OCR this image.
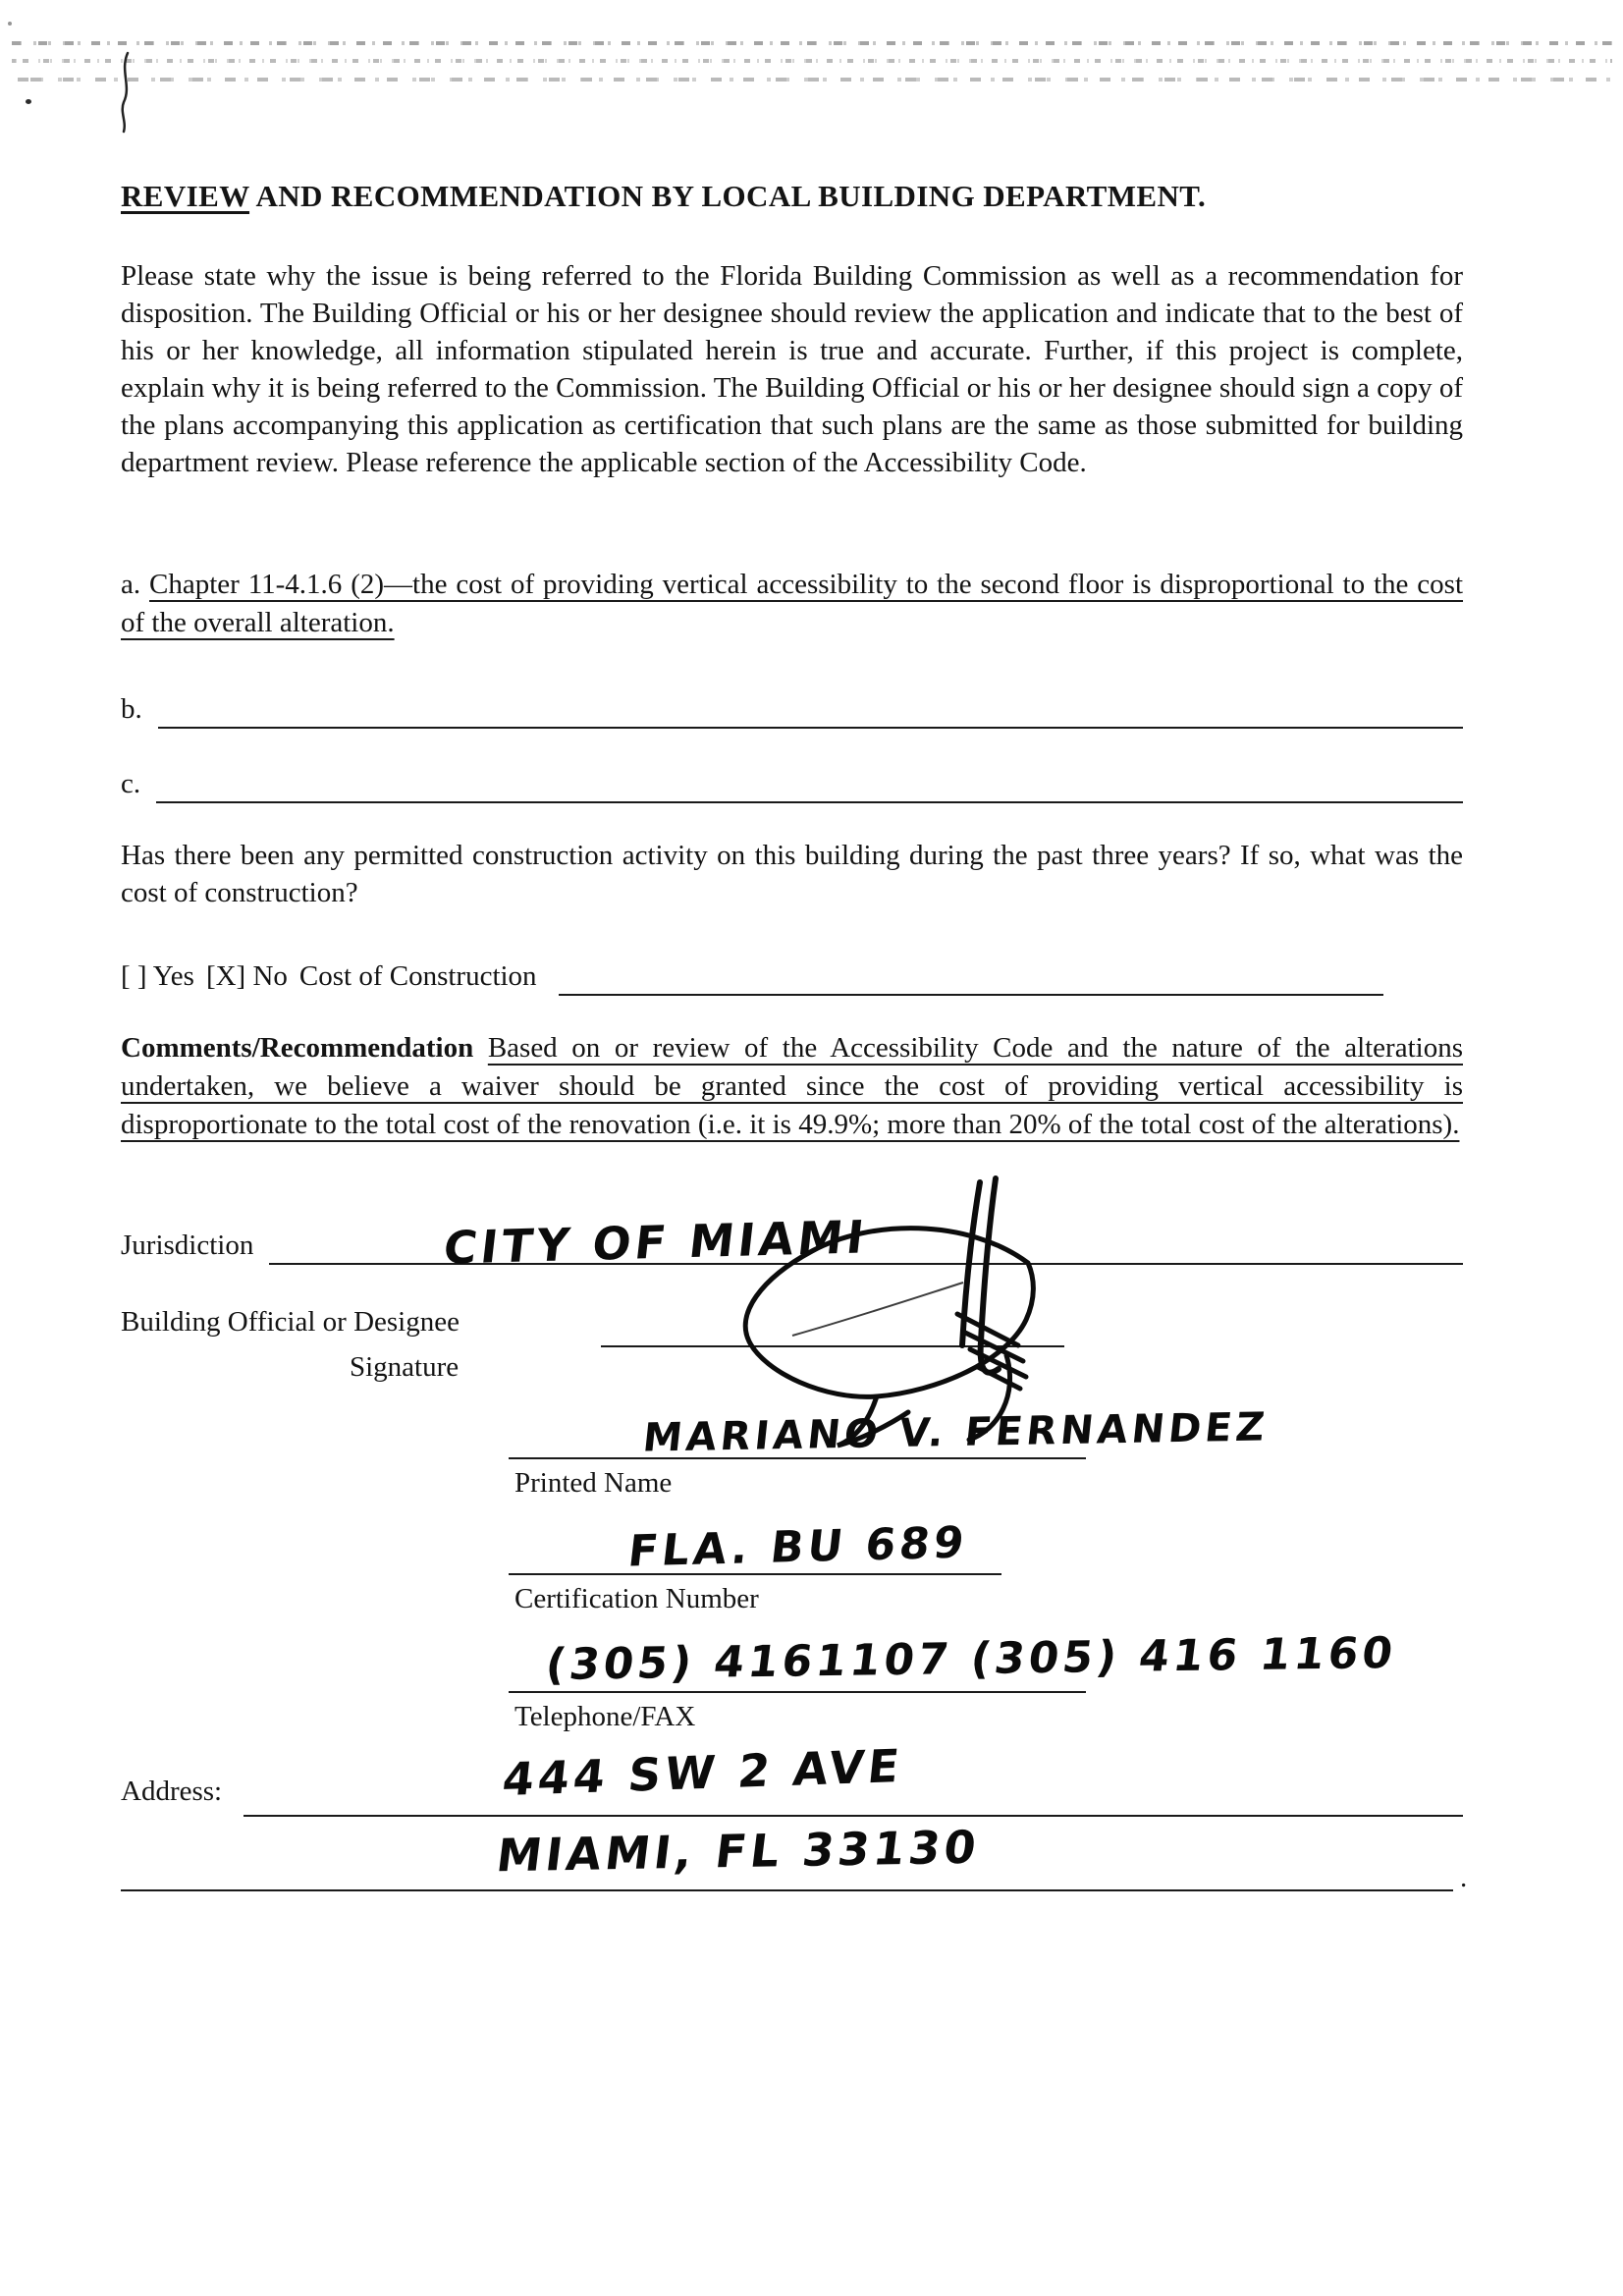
REVIEW AND RECOMMENDATION BY LOCAL BUILDING DEPARTMENT.
Please state why the issue is being referred to the Florida Building Commission as well as a recommendation for disposition. The Building Official or his or her designee should review the application and indicate that to the best of his or her knowledge, all information stipulated herein is true and accurate. Further, if this project is complete, explain why it is being referred to the Commission. The Building Official or his or her designee should sign a copy of the plans accompanying this application as certification that such plans are the same as those submitted for building department review. Please reference the applicable section of the Accessibility Code.
a. Chapter 11-4.1.6 (2)—the cost of providing vertical accessibility to the second floor is disproportional to the cost of the overall alteration.
b.
c.
Has there been any permitted construction activity on this building during the past three years? If so, what was the cost of construction?
[ ] Yes [X] No Cost of Construction
Comments/Recommendation Based on or review of the Accessibility Code and the nature of the alterations undertaken, we believe a waiver should be granted since the cost of providing vertical accessibility is disproportionate to the total cost of the renovation (i.e. it is 49.9%; more than 20% of the total cost of the alterations).
Jurisdiction	CITY OF MIAMI
Building Official or Designee
Signature
MARIANO V. FERNANDEZ
Printed Name
FLA. BU 689
Certification Number
(305) 4161107 (305) 416 1160
Telephone/FAX
Address:	444 SW 2 AVE
MIAMI, FL 33130	.
